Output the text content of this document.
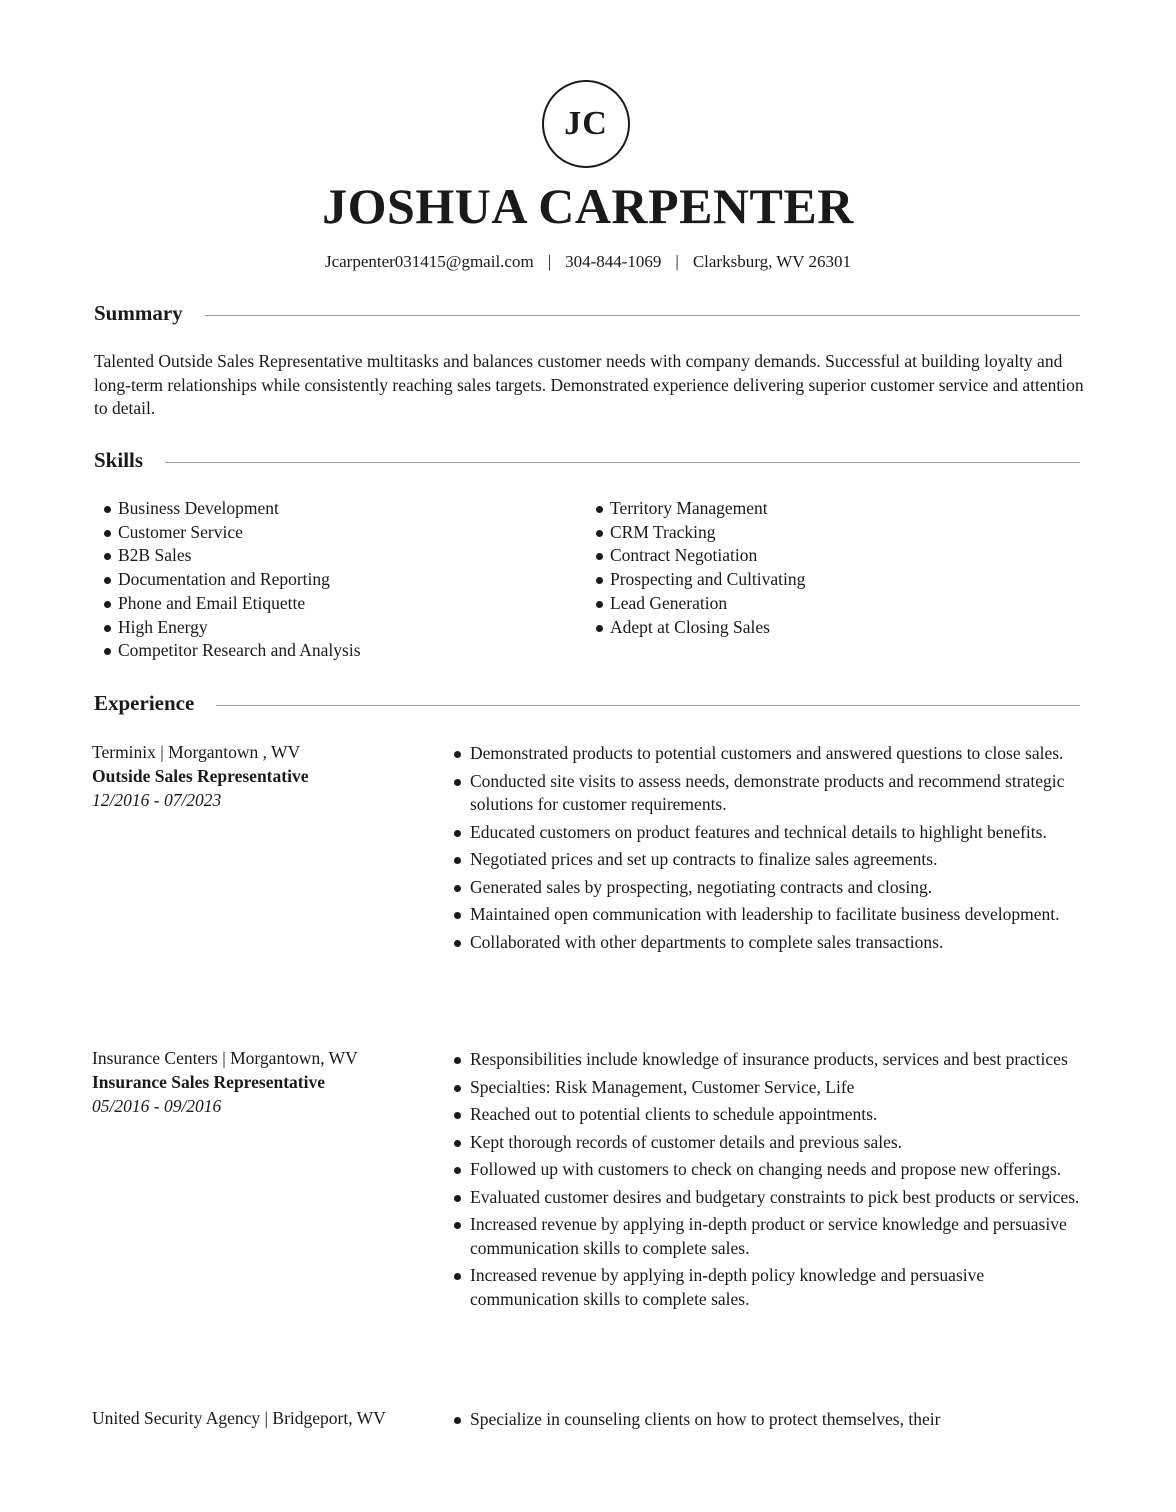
JC
JOSHUA CARPENTER
Jcarpenter031415@gmail.com | 304-844-1069 | Clarksburg, WV 26301
Summary
Talented Outside Sales Representative multitasks and balances customer needs with company demands. Successful at building loyalty and long-term relationships while consistently reaching sales targets. Demonstrated experience delivering superior customer service and attention to detail.
Skills
Business Development
Customer Service
B2B Sales
Documentation and Reporting
Phone and Email Etiquette
High Energy
Competitor Research and Analysis
Territory Management
CRM Tracking
Contract Negotiation
Prospecting and Cultivating
Lead Generation
Adept at Closing Sales
Experience
Terminix | Morgantown , WV
Outside Sales Representative
12/2016 - 07/2023
Demonstrated products to potential customers and answered questions to close sales.
Conducted site visits to assess needs, demonstrate products and recommend strategic solutions for customer requirements.
Educated customers on product features and technical details to highlight benefits.
Negotiated prices and set up contracts to finalize sales agreements.
Generated sales by prospecting, negotiating contracts and closing.
Maintained open communication with leadership to facilitate business development.
Collaborated with other departments to complete sales transactions.
Insurance Centers | Morgantown, WV
Insurance Sales Representative
05/2016 - 09/2016
Responsibilities include knowledge of insurance products, services and best practices
Specialties: Risk Management, Customer Service, Life
Reached out to potential clients to schedule appointments.
Kept thorough records of customer details and previous sales.
Followed up with customers to check on changing needs and propose new offerings.
Evaluated customer desires and budgetary constraints to pick best products or services.
Increased revenue by applying in-depth product or service knowledge and persuasive communication skills to complete sales.
Increased revenue by applying in-depth policy knowledge and persuasive communication skills to complete sales.
United Security Agency | Bridgeport, WV	Specialize in counseling clients on how to protect themselves, their
